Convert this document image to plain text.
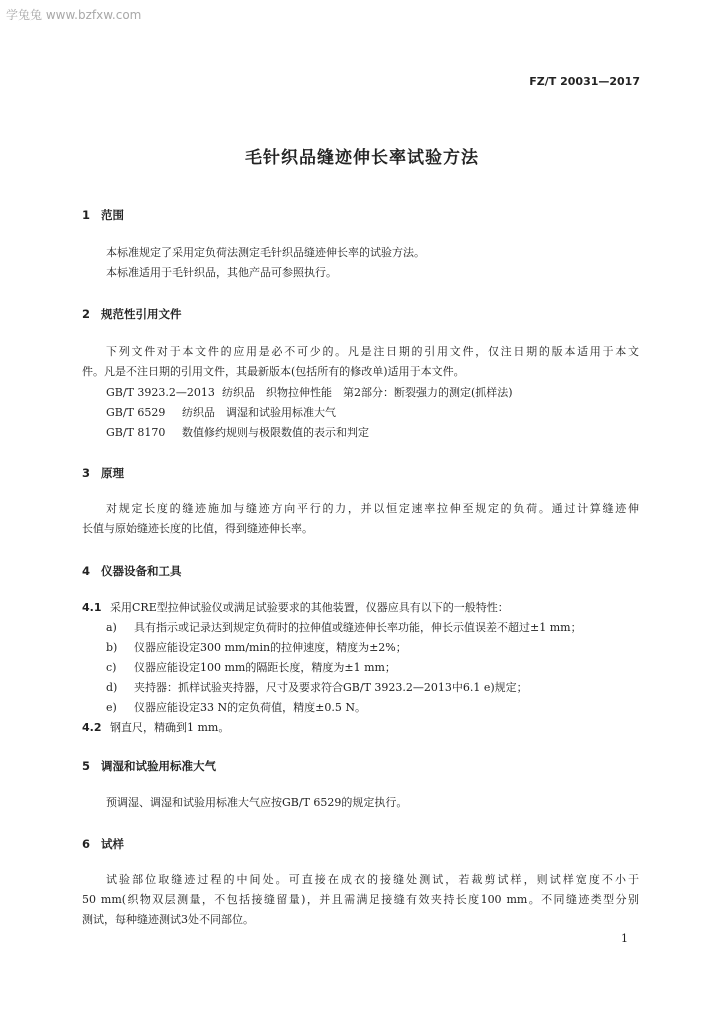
学兔兔 www.bzfxw.com
FZ/T 20031—2017
毛针织品缝迹伸长率试验方法
1 范围
本标准规定了采用定负荷法测定毛针织品缝迹伸长率的试验方法。
本标准适用于毛针织品，其他产品可参照执行。
2 规范性引用文件
下列文件对于本文件的应用是必不可少的。凡是注日期的引用文件，仅注日期的版本适用于本文
件。凡是不注日期的引用文件，其最新版本(包括所有的修改单)适用于本文件。
GB/T 3923.2—2013 纺织品　织物拉伸性能　第2部分：断裂强力的测定(抓样法)
GB/T 6529 纺织品　调湿和试验用标准大气
GB/T 8170 数值修约规则与极限数值的表示和判定
3 原理
对规定长度的缝迹施加与缝迹方向平行的力，并以恒定速率拉伸至规定的负荷。通过计算缝迹伸
长值与原始缝迹长度的比值，得到缝迹伸长率。
4 仪器设备和工具
4.1 采用CRE型拉伸试验仪或满足试验要求的其他装置，仪器应具有以下的一般特性：
a) 具有指示或记录达到规定负荷时的拉伸值或缝迹伸长率功能，伸长示值误差不超过±1 mm；
b) 仪器应能设定300 mm/min的拉伸速度，精度为±2%；
c) 仪器应能设定100 mm的隔距长度，精度为±1 mm；
d) 夹持器：抓样试验夹持器，尺寸及要求符合GB/T 3923.2—2013中6.1 e)规定；
e) 仪器应能设定33 N的定负荷值，精度±0.5 N。
4.2 钢直尺，精确到1 mm。
5 调湿和试验用标准大气
预调湿、调湿和试验用标准大气应按GB/T 6529的规定执行。
6 试样
试验部位取缝迹过程的中间处。可直接在成衣的接缝处测试，若裁剪试样，则试样宽度不小于
50 mm(织物双层测量，不包括接缝留量)，并且需满足接缝有效夹持长度100 mm。不同缝迹类型分别
测试，每种缝迹测试3处不同部位。
1
